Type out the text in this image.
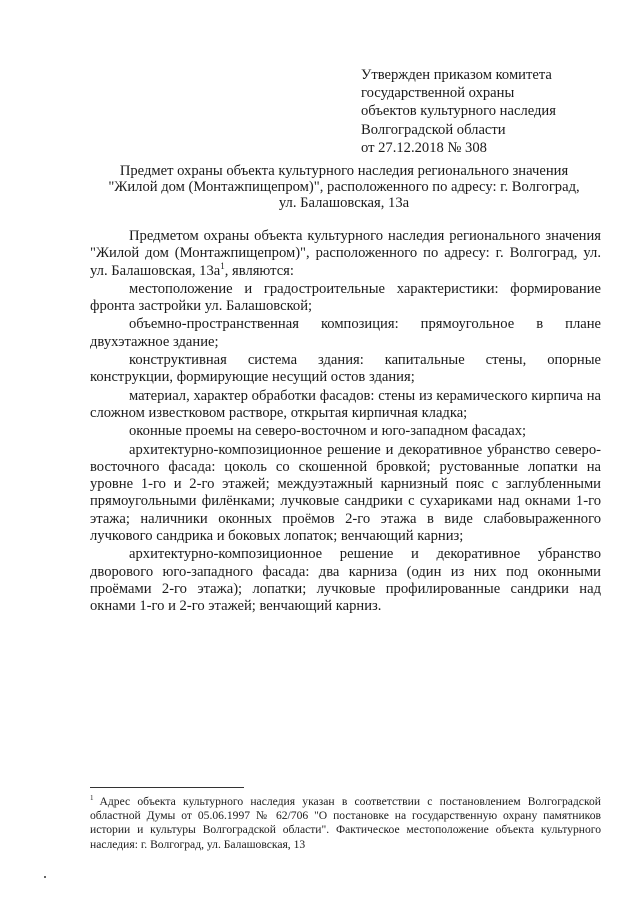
Утвержден приказом комитета
государственной охраны
объектов культурного наследия
Волгоградской области
от 27.12.2018 № 308
Предмет охраны объекта культурного наследия регионального значения
"Жилой дом (Монтажпищепром)", расположенного по адресу: г. Волгоград,
ул. Балашовская, 13а

Предметом охраны объекта культурного наследия регионального значения "Жилой дом (Монтажпищепром)", расположенного по адресу: г. Волгоград, ул. ул. Балашовская, $13а^1$, являются:

местоположение и градостроительные характеристики: формирование фронта застройки ул. Балашовской;

объемно-пространственная композиция: прямоугольное в плане двухэтажное здание;

конструктивная система здания: капитальные стены, опорные конструкции, формирующие несущий остов здания;

материал, характер обработки фасадов: стены из керамического кирпича на сложном известковом растворе, открытая кирпичная кладка;

оконные проемы на северо-восточном и юго-западном фасадах;

архитектурно-композиционное решение и декоративное убранство северо-восточного фасада: цоколь со скошенной бровкой; рустованные лопатки на уровне 1-го и 2-го этажей; междуэтажный карнизный пояс с заглубленными прямоугольными филёнками; лучковые сандрики с сухариками над окнами 1-го этажа; наличники оконных проёмов 2-го этажа в виде слабовыраженного лучкового сандрика и боковых лопаток; венчающий карниз;

архитектурно-композиционное решение и декоративное убранство дворового юго-западного фасада: два карниза (один из них под оконными проёмами 2-го этажа); лопатки; лучковые профилированные сандрики над окнами 1-го и 2-го этажей; венчающий карниз.

$^1$ Адрес объекта культурного наследия указан в соответствии с постановлением Волгоградской областной Думы от 05.06.1997 № 62/706 "О постановке на государственную охрану памятников истории и культуры Волгоградской области". Фактическое местоположение объекта культурного наследия: г. Волгоград, ул. Балашовская, 13
